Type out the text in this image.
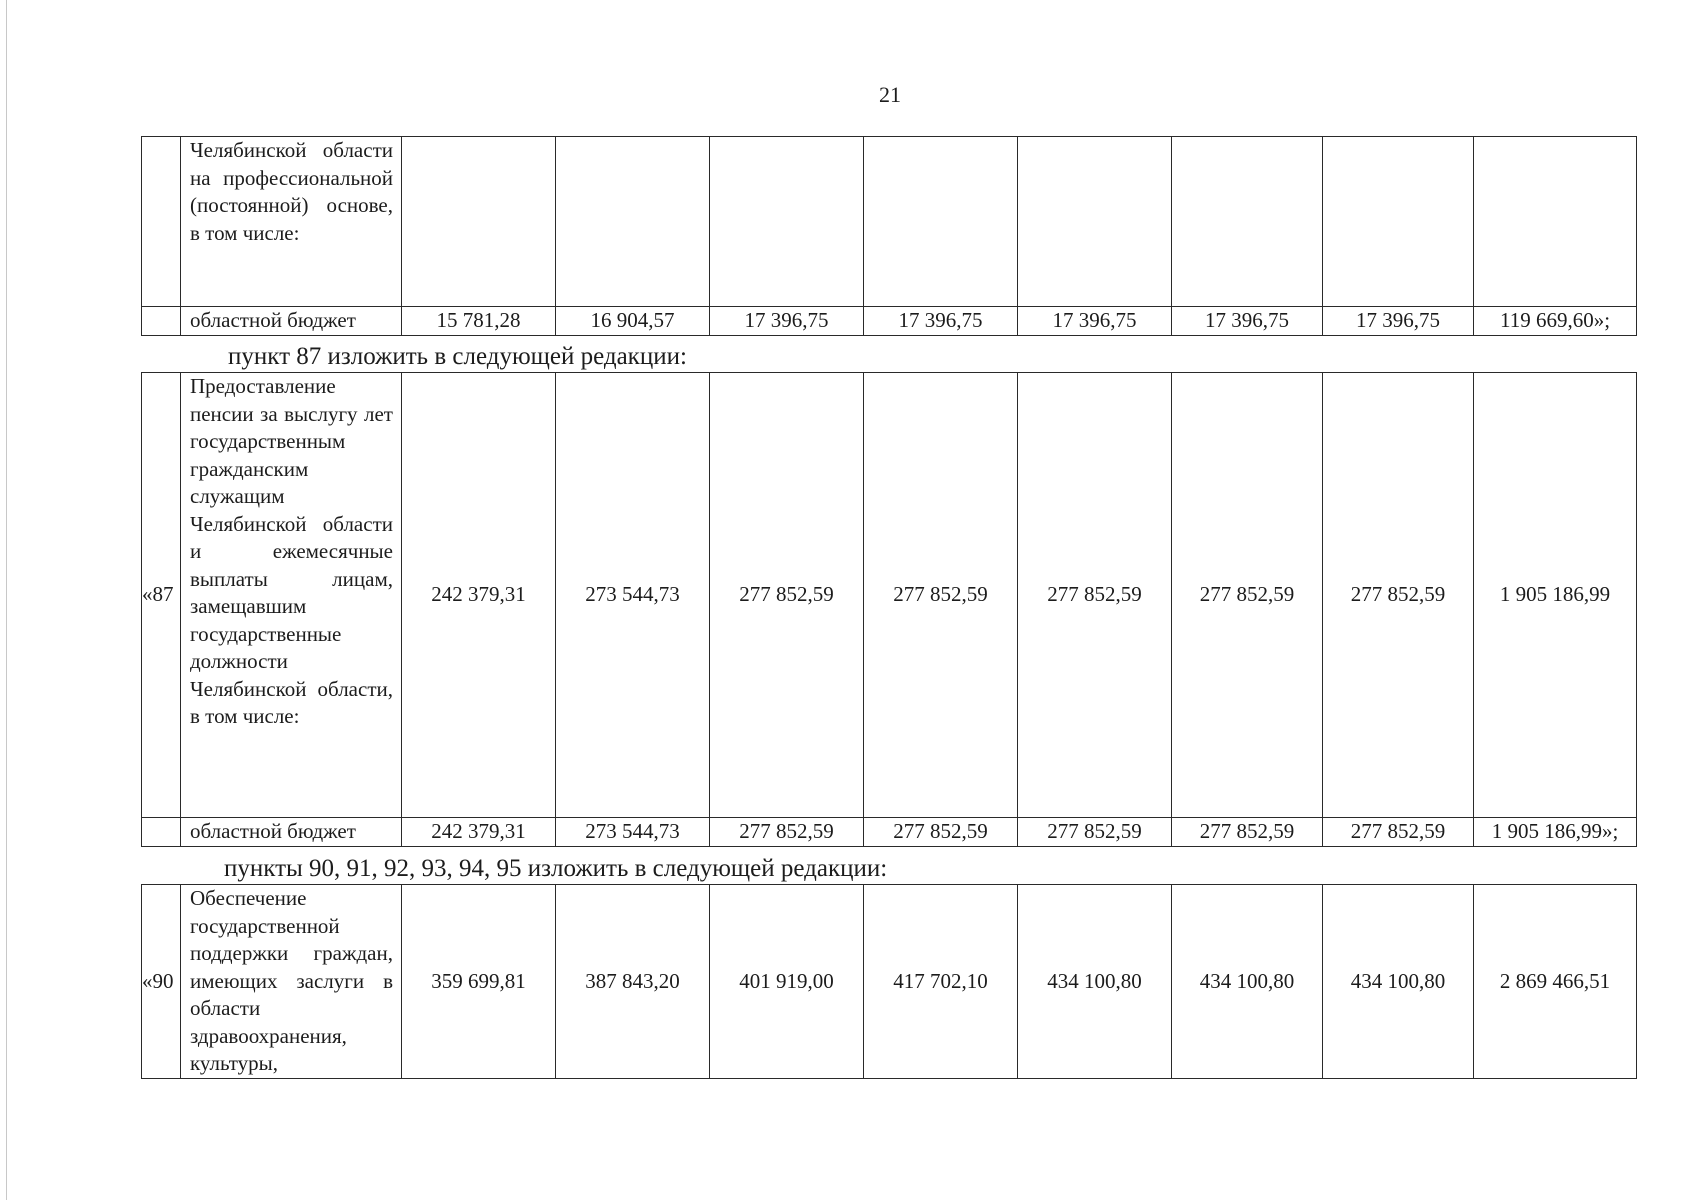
21
	Челябинской области на профессиональной (постоянной) основе, в том числе:								
	областной бюджет	15 781,28	16 904,57	17 396,75	17 396,75	17 396,75	17 396,75	17 396,75	119 669,60»;
пункт 87 изложить в следующей редакции:
«87	Предоставление пенсии за выслугу лет государственным гражданским служащим Челябинской области и ежемесячные выплаты лицам, замещавшим государственные должности Челябинской области, в том числе:	242 379,31	273 544,73	277 852,59	277 852,59	277 852,59	277 852,59	277 852,59	1 905 186,99
	областной бюджет	242 379,31	273 544,73	277 852,59	277 852,59	277 852,59	277 852,59	277 852,59	1 905 186,99»;
пункты 90, 91, 92, 93, 94, 95 изложить в следующей редакции:
«90	Обеспечение государственной поддержки граждан, имеющих заслуги в области здравоохранения, культуры,	359 699,81	387 843,20	401 919,00	417 702,10	434 100,80	434 100,80	434 100,80	2 869 466,51
